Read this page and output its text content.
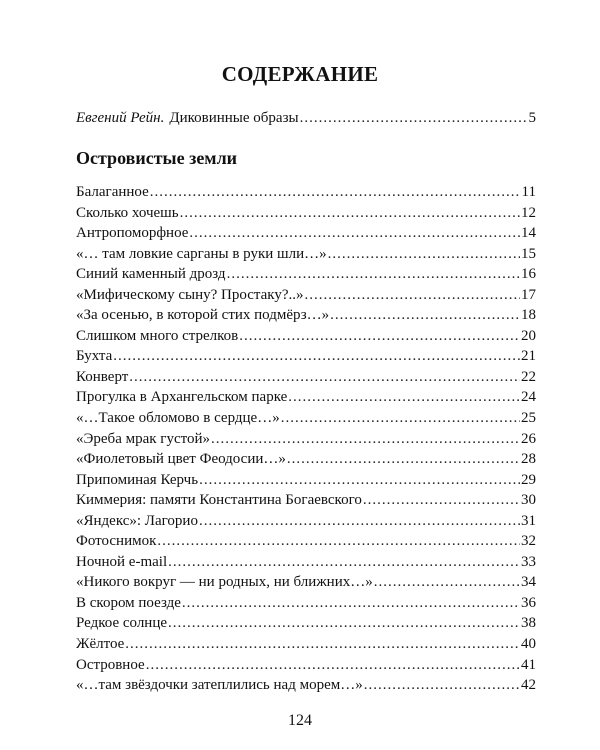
СОДЕРЖАНИЕ
Евгений Рейн. Диковинные образы .....	5
Островистые земли
Балаганное .....	11
Сколько хочешь .....	12
Антропоморфное .....	14
«… там ловкие сарганы в руки шли…» .....	15
Синий каменный дрозд .....	16
«Мифическому сыну? Простаку?..» .....	17
«За осенью, в которой стих подмёрз…» .....	18
Слишком много стрелков .....	20
Бухта .....	21
Конверт .....	22
Прогулка в Архангельском парке .....	24
«…Такое обломово в сердце…» .....	25
«Эреба мрак густой» .....	26
«Фиолетовый цвет Феодосии…» .....	28
Припоминая Керчь .....	29
Киммерия: памяти Константина Богаевского .....	30
«Яндекс»: Лагорио .....	31
Фотоснимок .....	32
Ночной e-mail .....	33
«Никого вокруг — ни родных, ни ближних…» .....	34
В скором поезде .....	36
Редкое солнце .....	38
Жёлтое .....	40
Островное .....	41
«…там звёздочки затеплились над морем…» .....	42
124
